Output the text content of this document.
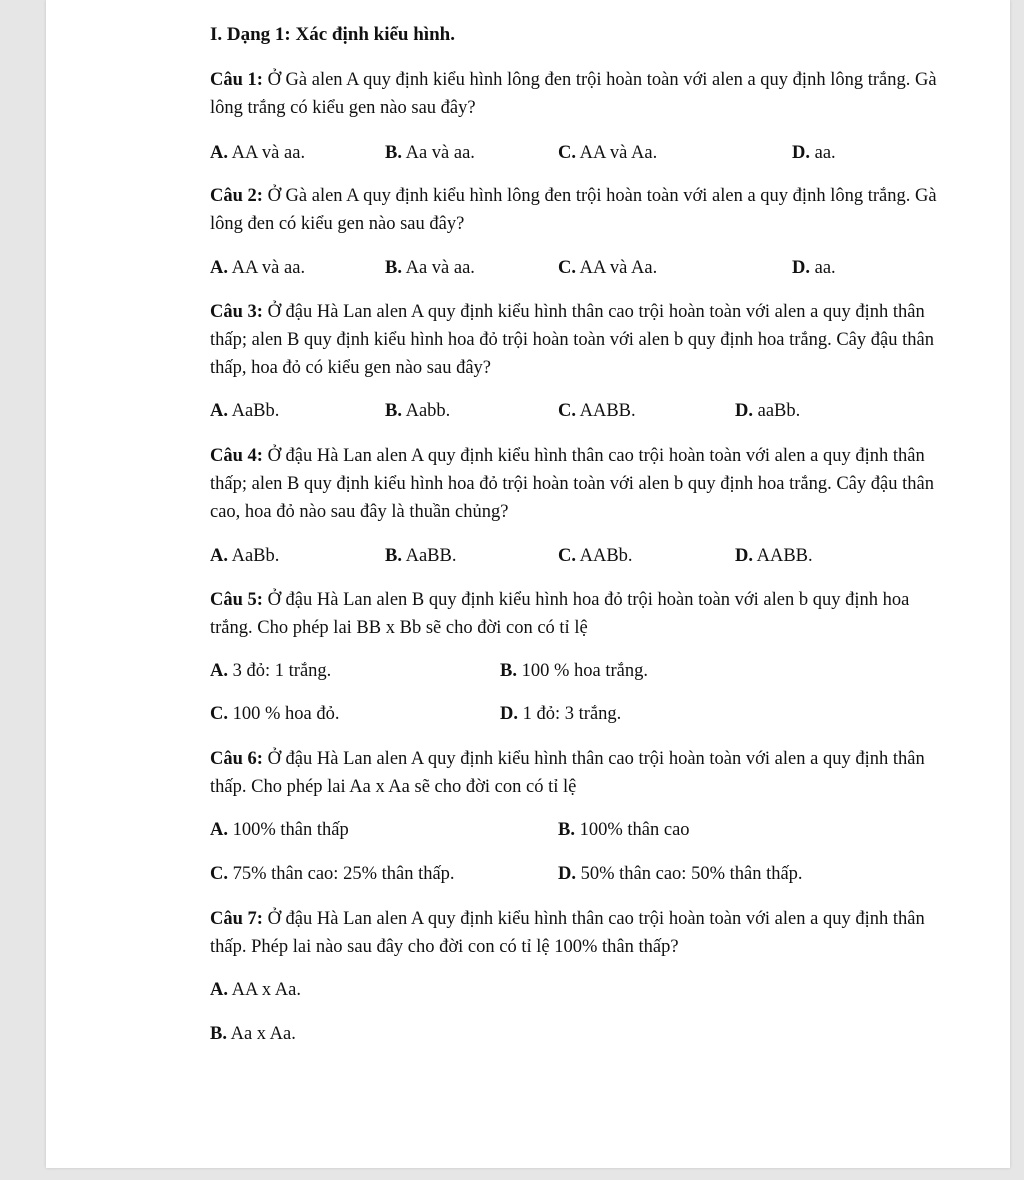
I. Dạng 1: Xác định kiểu hình.
Câu 1: Ở Gà alen A quy định kiểu hình lông đen trội hoàn toàn với alen a quy định lông trắng. Gà lông trắng có kiểu gen nào sau đây?
A. AA và aa.	B. Aa và aa.	C. AA và Aa.	D. aa.
Câu 2: Ở Gà alen A quy định kiểu hình lông đen trội hoàn toàn với alen a quy định lông trắng. Gà lông đen có kiểu gen nào sau đây?
A. AA và aa.	B. Aa và aa.	C. AA và Aa.	D. aa.
Câu 3: Ở đậu Hà Lan alen A quy định kiểu hình thân cao trội hoàn toàn với alen a quy định thân thấp; alen B quy định kiểu hình hoa đỏ trội hoàn toàn với alen b quy định hoa trắng. Cây đậu thân thấp, hoa đỏ có kiểu gen nào sau đây?
A. AaBb.	B. Aabb.	C. AABB.	D. aaBb.
Câu 4: Ở đậu Hà Lan alen A quy định kiểu hình thân cao trội hoàn toàn với alen a quy định thân thấp; alen B quy định kiểu hình hoa đỏ trội hoàn toàn với alen b quy định hoa trắng. Cây đậu thân cao, hoa đỏ nào sau đây là thuần chủng?
A. AaBb.	B. AaBB.	C. AABb.	D. AABB.
Câu 5: Ở đậu Hà Lan alen B quy định kiểu hình hoa đỏ trội hoàn toàn với alen b quy định hoa trắng. Cho phép lai BB x Bb sẽ cho đời con có tỉ lệ
A. 3 đỏ: 1 trắng.	B. 100 % hoa trắng.
C. 100 % hoa đỏ.	D. 1 đỏ: 3 trắng.
Câu 6: Ở đậu Hà Lan alen A quy định kiểu hình thân cao trội hoàn toàn với alen a quy định thân thấp. Cho phép lai Aa x Aa sẽ cho đời con có tỉ lệ
A. 100% thân thấp	B. 100% thân cao
C. 75% thân cao: 25% thân thấp.	D. 50% thân cao: 50% thân thấp.
Câu 7: Ở đậu Hà Lan alen A quy định kiểu hình thân cao trội hoàn toàn với alen a quy định thân thấp. Phép lai nào sau đây cho đời con có tỉ lệ 100% thân thấp?
A. AA x Aa.
B. Aa x Aa.
